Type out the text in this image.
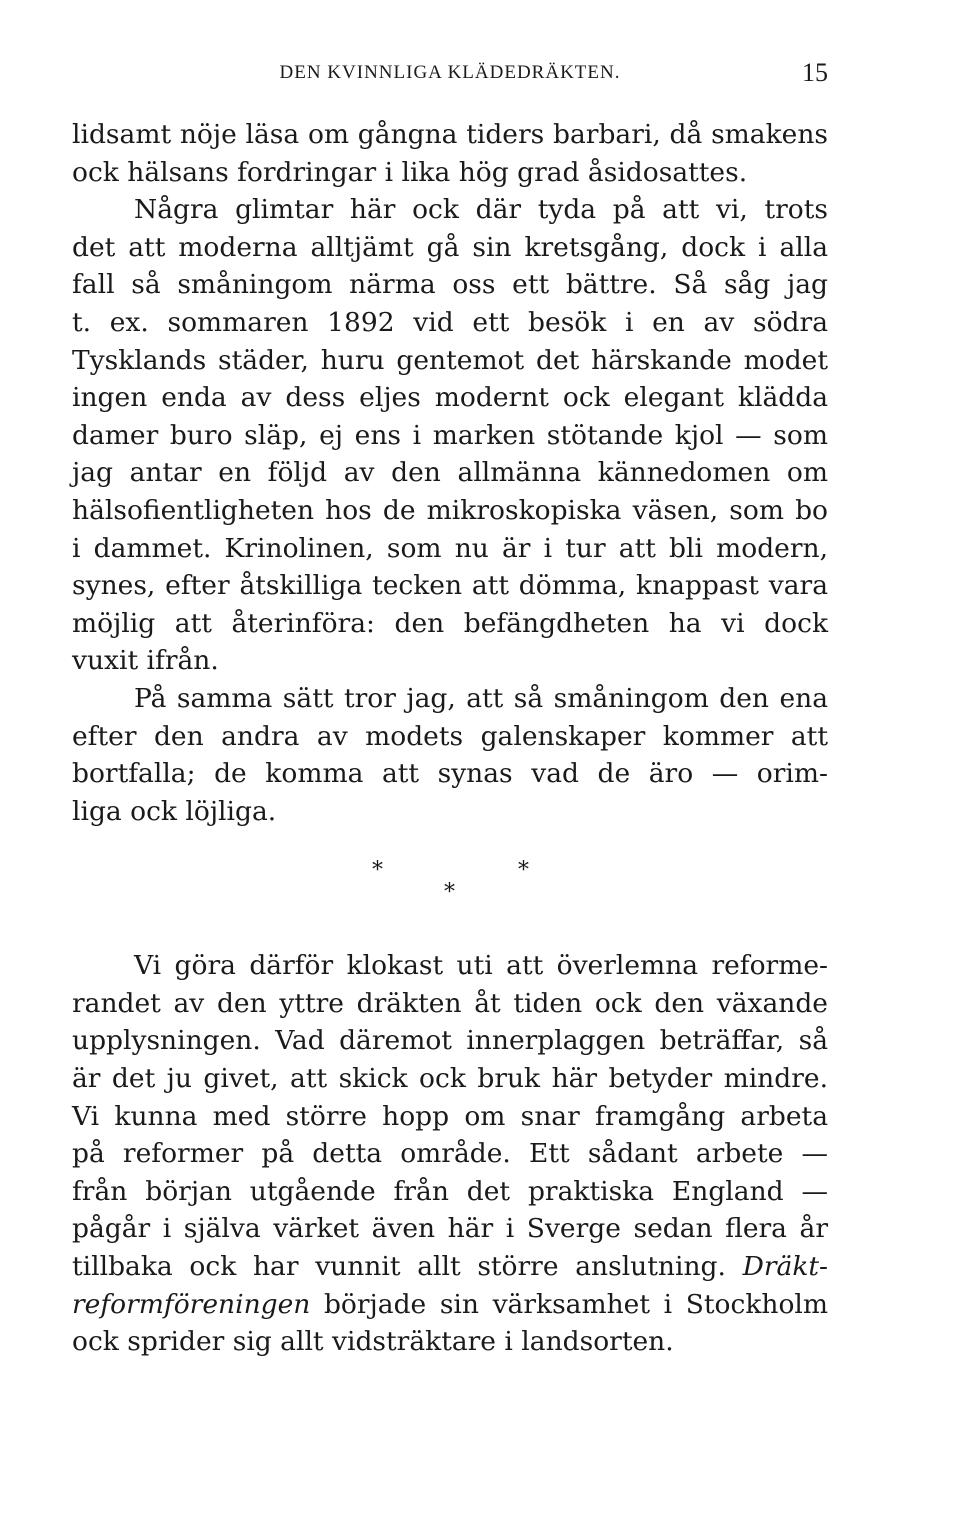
DEN KVINNLIGA KLÄDEDRÄKTEN.	15
lidsamt nöje läsa om gångna tiders barbari, då smakens
ock hälsans fordringar i lika hög grad åsidosattes.
Några glimtar här ock där tyda på att vi, trots
det att moderna alltjämt gå sin kretsgång, dock i alla
fall så småningom närma oss ett bättre. Så såg jag
t. ex. sommaren 1892 vid ett besök i en av södra
Tysklands städer, huru gentemot det härskande modet
ingen enda av dess eljes modernt ock elegant klädda
damer buro släp, ej ens i marken stötande kjol — som
jag antar en följd av den allmänna kännedomen om
hälsofientligheten hos de mikroskopiska väsen, som bo
i dammet. Krinolinen, som nu är i tur att bli modern,
synes, efter åtskilliga tecken att dömma, knappast vara
möjlig att återinföra: den befängdheten ha vi dock
vuxit ifrån.
På samma sätt tror jag, att så småningom den ena
efter den andra av modets galenskaper kommer att
bortfalla; de komma att synas vad de äro — orim-
liga ock löjliga.
*	*
*
Vi göra därför klokast uti att överlemna reforme-
randet av den yttre dräkten åt tiden ock den växande
upplysningen. Vad däremot innerplaggen beträffar, så
är det ju givet, att skick ock bruk här betyder mindre.
Vi kunna med större hopp om snar framgång arbeta
på reformer på detta område. Ett sådant arbete —
från början utgående från det praktiska England —
pågår i själva värket även här i Sverge sedan flera år
tillbaka ock har vunnit allt större anslutning. Dräkt-
reformföreningen började sin värksamhet i Stockholm
ock sprider sig allt vidsträktare i landsorten.
